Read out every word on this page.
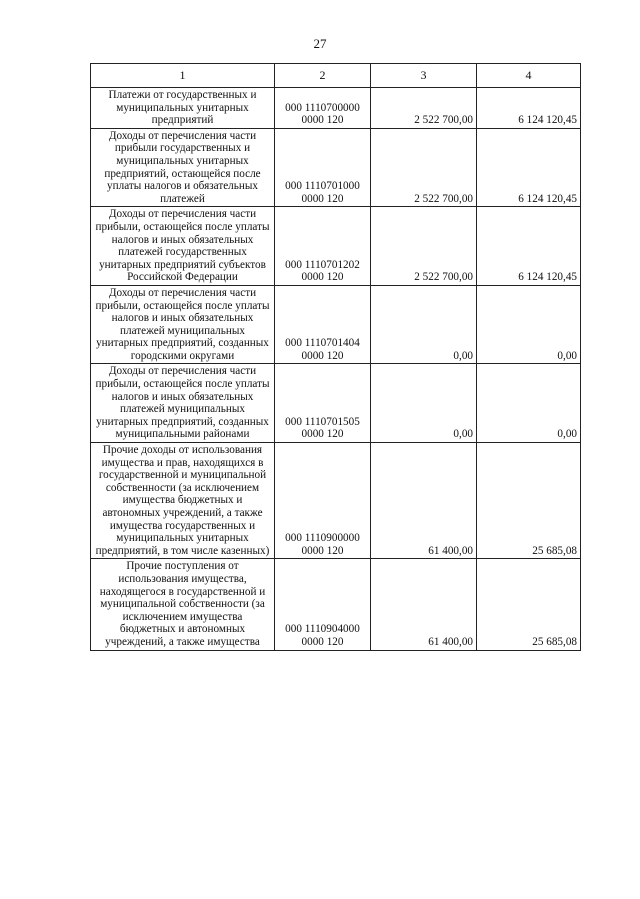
27
1	2	3	4
Платежи от государственных и муниципальных унитарных предприятий	000 1110700000 0000 120	2 522 700,00	6 124 120,45
Доходы от перечисления части прибыли государственных и муниципальных унитарных предприятий, остающейся после уплаты налогов и обязательных платежей	000 1110701000 0000 120	2 522 700,00	6 124 120,45
Доходы от перечисления части прибыли, остающейся после уплаты налогов и иных обязательных платежей государственных унитарных предприятий субъектов Российской Федерации	000 1110701202 0000 120	2 522 700,00	6 124 120,45
Доходы от перечисления части прибыли, остающейся после уплаты налогов и иных обязательных платежей муниципальных унитарных предприятий, созданных городскими округами	000 1110701404 0000 120	0,00	0,00
Доходы от перечисления части прибыли, остающейся после уплаты налогов и иных обязательных платежей муниципальных унитарных предприятий, созданных муниципальными районами	000 1110701505 0000 120	0,00	0,00
Прочие доходы от использования имущества и прав, находящихся в государственной и муниципальной собственности (за исключением имущества бюджетных и автономных учреждений, а также имущества государственных и муниципальных унитарных предприятий, в том числе казенных)	000 1110900000 0000 120	61 400,00	25 685,08
Прочие поступления от использования имущества, находящегося в государственной и муниципальной собственности (за исключением имущества бюджетных и автономных учреждений, а также имущества	000 1110904000 0000 120	61 400,00	25 685,08
